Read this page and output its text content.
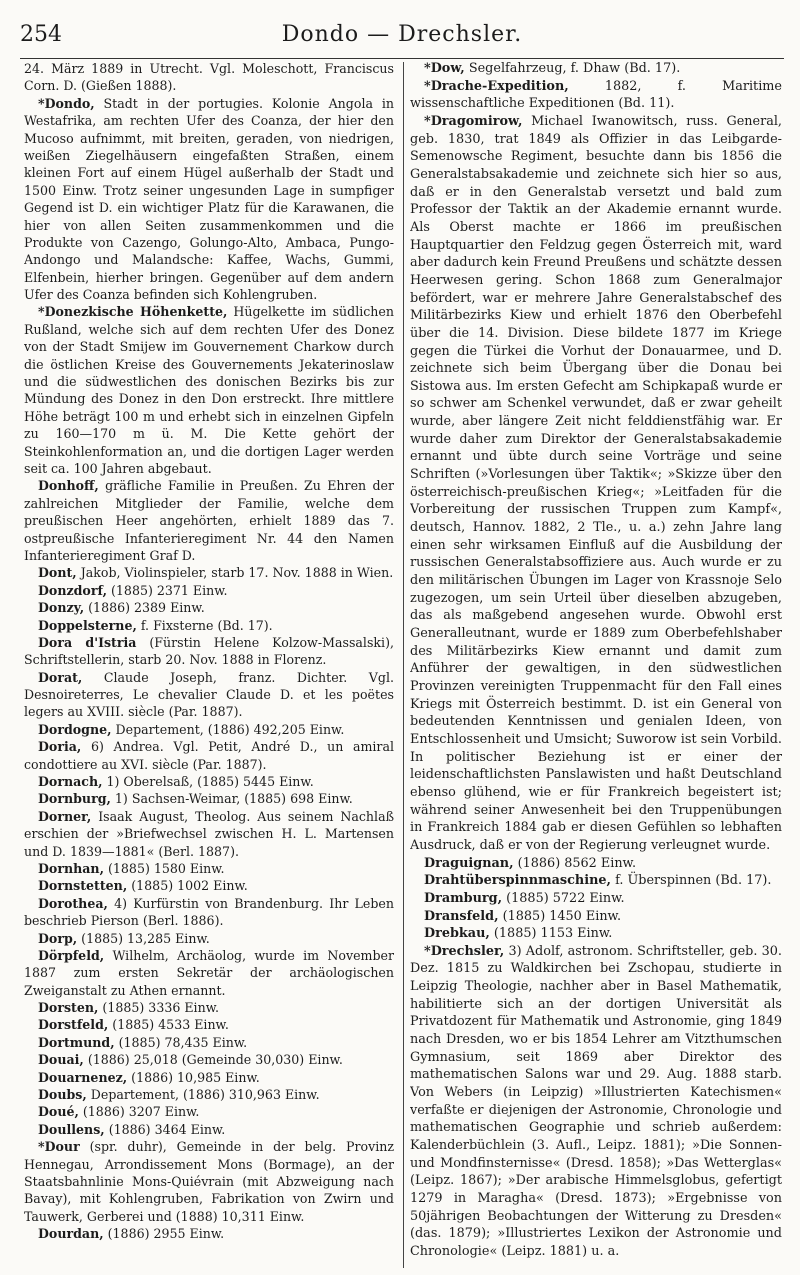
254	Dondo — Drechsler.

24. März 1889 in Utrecht. Vgl. Moleschott, Franciscus Corn. D. (Gießen 1888).

*Dondo, Stadt in der portugies. Kolonie Angola in Westafrika, am rechten Ufer des Coanza, der hier den Mucoso aufnimmt, mit breiten, geraden, von niedrigen, weißen Ziegelhäusern eingefaßten Straßen, einem kleinen Fort auf einem Hügel außerhalb der Stadt und 1500 Einw. Trotz seiner ungesunden Lage in sumpfiger Gegend ist D. ein wichtiger Platz für die Karawanen, die hier von allen Seiten zusammenkommen und die Produkte von Cazengo, Golungo-Alto, Ambaca, Pungo-Andongo und Malandsche: Kaffee, Wachs, Gummi, Elfenbein, hierher bringen. Gegenüber auf dem andern Ufer des Coanza befinden sich Kohlengruben.

*Donezkische Höhenkette, Hügelkette im südlichen Rußland, welche sich auf dem rechten Ufer des Donez von der Stadt Smijew im Gouvernement Charkow durch die östlichen Kreise des Gouvernements Jekaterinoslaw und die südwestlichen des donischen Bezirks bis zur Mündung des Donez in den Don erstreckt. Ihre mittlere Höhe beträgt 100 m und erhebt sich in einzelnen Gipfeln zu 160—170 m ü. M. Die Kette gehört der Steinkohlenformation an, und die dortigen Lager werden seit ca. 100 Jahren abgebaut.

Donhoff, gräfliche Familie in Preußen. Zu Ehren der zahlreichen Mitglieder der Familie, welche dem preußischen Heer angehörten, erhielt 1889 das 7. ostpreußische Infanterieregiment Nr. 44 den Namen Infanterieregiment Graf D.

Dont, Jakob, Violinspieler, starb 17. Nov. 1888 in Wien.

Donzdorf, (1885) 2371 Einw.

Donzy, (1886) 2389 Einw.

Doppelsterne, f. Fixsterne (Bd. 17).

Dora d'Istria (Fürstin Helene Kolzow-Massalski), Schriftstellerin, starb 20. Nov. 1888 in Florenz.

Dorat, Claude Joseph, franz. Dichter. Vgl. Desnoireterres, Le chevalier Claude D. et les poëtes legers au XVIII. siècle (Par. 1887).

Dordogne, Departement, (1886) 492,205 Einw.

Doria, 6) Andrea. Vgl. Petit, André D., un amiral condottiere au XVI. siècle (Par. 1887).

Dornach, 1) Oberelsaß, (1885) 5445 Einw.

Dornburg, 1) Sachsen-Weimar, (1885) 698 Einw.

Dorner, Isaak August, Theolog. Aus seinem Nachlaß erschien der »Briefwechsel zwischen H. L. Martensen und D. 1839—1881« (Berl. 1887).

Dornhan, (1885) 1580 Einw.

Dornstetten, (1885) 1002 Einw.

Dorothea, 4) Kurfürstin von Brandenburg. Ihr Leben beschrieb Pierson (Berl. 1886).

Dorp, (1885) 13,285 Einw.

Dörpfeld, Wilhelm, Archäolog, wurde im November 1887 zum ersten Sekretär der archäologischen Zweiganstalt zu Athen ernannt.

Dorsten, (1885) 3336 Einw.

Dorstfeld, (1885) 4533 Einw.

Dortmund, (1885) 78,435 Einw.

Douai, (1886) 25,018 (Gemeinde 30,030) Einw.

Douarnenez, (1886) 10,985 Einw.

Doubs, Departement, (1886) 310,963 Einw.

Doué, (1886) 3207 Einw.

Doullens, (1886) 3464 Einw.

*Dour (spr. duhr), Gemeinde in der belg. Provinz Hennegau, Arrondissement Mons (Bormage), an der Staatsbahnlinie Mons-Quiévrain (mit Abzweigung nach Bavay), mit Kohlengruben, Fabrikation von Zwirn und Tauwerk, Gerberei und (1888) 10,311 Einw.

Dourdan, (1886) 2955 Einw.

*Dow, Segelfahrzeug, f. Dhaw (Bd. 17).

*Drache-Expedition, 1882, f. Maritime wissenschaftliche Expeditionen (Bd. 11).

*Dragomirow, Michael Iwanowitsch, russ. General, geb. 1830, trat 1849 als Offizier in das Leibgarde-Semenowsche Regiment, besuchte dann bis 1856 die Generalstabsakademie und zeichnete sich hier so aus, daß er in den Generalstab versetzt und bald zum Professor der Taktik an der Akademie ernannt wurde. Als Oberst machte er 1866 im preußischen Hauptquartier den Feldzug gegen Österreich mit, ward aber dadurch kein Freund Preußens und schätzte dessen Heerwesen gering. Schon 1868 zum Generalmajor befördert, war er mehrere Jahre Generalstabschef des Militärbezirks Kiew und erhielt 1876 den Oberbefehl über die 14. Division. Diese bildete 1877 im Kriege gegen die Türkei die Vorhut der Donauarmee, und D. zeichnete sich beim Übergang über die Donau bei Sistowa aus. Im ersten Gefecht am Schipkapaß wurde er so schwer am Schenkel verwundet, daß er zwar geheilt wurde, aber längere Zeit nicht felddienstfähig war. Er wurde daher zum Direktor der Generalstabsakademie ernannt und übte durch seine Vorträge und seine Schriften (»Vorlesungen über Taktik«; »Skizze über den österreichisch-preußischen Krieg«; »Leitfaden für die Vorbereitung der russischen Truppen zum Kampf«, deutsch, Hannov. 1882, 2 Tle., u. a.) zehn Jahre lang einen sehr wirksamen Einfluß auf die Ausbildung der russischen Generalstabsoffiziere aus. Auch wurde er zu den militärischen Übungen im Lager von Krassnoje Selo zugezogen, um sein Urteil über dieselben abzugeben, das als maßgebend angesehen wurde. Obwohl erst Generalleutnant, wurde er 1889 zum Oberbefehlshaber des Militärbezirks Kiew ernannt und damit zum Anführer der gewaltigen, in den südwestlichen Provinzen vereinigten Truppenmacht für den Fall eines Kriegs mit Österreich bestimmt. D. ist ein General von bedeutenden Kenntnissen und genialen Ideen, von Entschlossenheit und Umsicht; Suworow ist sein Vorbild. In politischer Beziehung ist er einer der leidenschaftlichsten Panslawisten und haßt Deutschland ebenso glühend, wie er für Frankreich begeistert ist; während seiner Anwesenheit bei den Truppenübungen in Frankreich 1884 gab er diesen Gefühlen so lebhaften Ausdruck, daß er von der Regierung verleugnet wurde.

Draguignan, (1886) 8562 Einw.

Drahtüberspinnmaschine, f. Überspinnen (Bd. 17).

Dramburg, (1885) 5722 Einw.

Dransfeld, (1885) 1450 Einw.

Drebkau, (1885) 1153 Einw.

*Drechsler, 3) Adolf, astronom. Schriftsteller, geb. 30. Dez. 1815 zu Waldkirchen bei Zschopau, studierte in Leipzig Theologie, nachher aber in Basel Mathematik, habilitierte sich an der dortigen Universität als Privatdozent für Mathematik und Astronomie, ging 1849 nach Dresden, wo er bis 1854 Lehrer am Vitzthumschen Gymnasium, seit 1869 aber Direktor des mathematischen Salons war und 29. Aug. 1888 starb. Von Webers (in Leipzig) »Illustrierten Katechismen« verfaßte er diejenigen der Astronomie, Chronologie und mathematischen Geographie und schrieb außerdem: Kalenderbüchlein (3. Aufl., Leipz. 1881); »Die Sonnen- und Mondfinsternisse« (Dresd. 1858); »Das Wetterglas« (Leipz. 1867); »Der arabische Himmelsglobus, gefertigt 1279 in Maragha« (Dresd. 1873); »Ergebnisse von 50jährigen Beobachtungen der Witterung zu Dresden« (das. 1879); »Illustriertes Lexikon der Astronomie und Chronologie« (Leipz. 1881) u. a.
